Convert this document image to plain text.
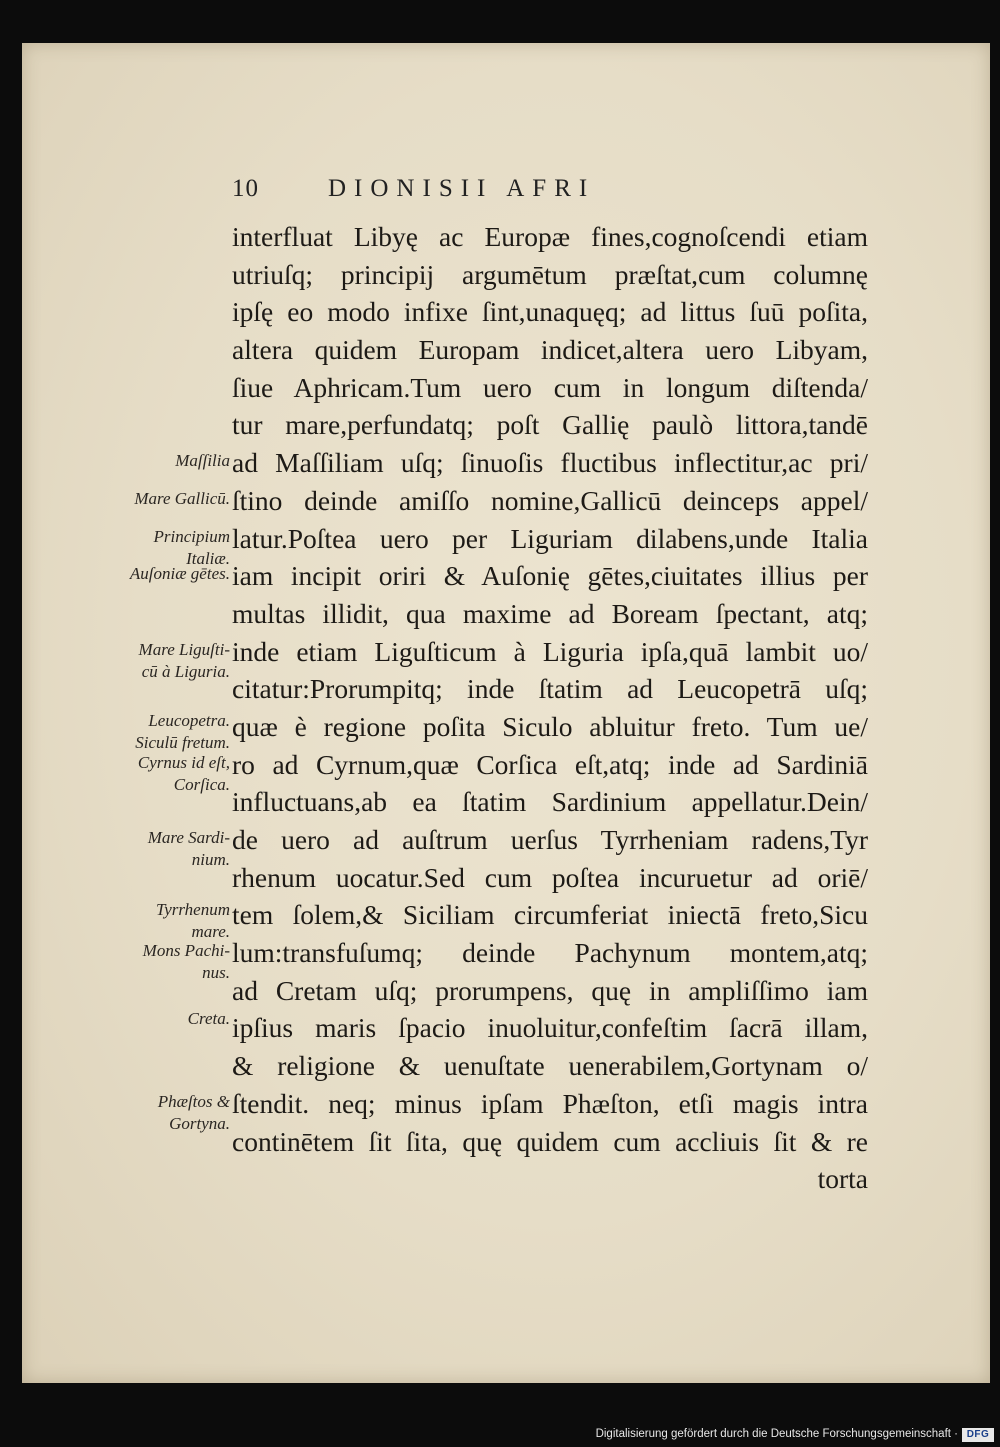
10	DIONISII AFRI
interfluat Libyę ac Europæ fines,cognoſcendi etiam
utriuſq; principij argumētum præſtat,cum columnę
ipſę eo modo infixe ſint,unaquęq; ad littus ſuū poſita,
altera quidem Europam indicet,altera uero Libyam,
ſiue Aphricam.Tum uero cum in longum diſtenda/
tur mare,perfundatq; poſt Gallię paulò littora,tandē
ad Maſſiliam uſq; ſinuoſis fluctibus inflectitur,ac pri/
ſtino deinde amiſſo nomine,Gallicū deinceps appel/
latur.Poſtea uero per Liguriam dilabens,unde Italia
iam incipit oriri & Auſonię gētes,ciuitates illius per
multas illidit, qua maxime ad Boream ſpectant, atq;
inde etiam Liguſticum à Liguria ipſa,quā lambit uo/
citatur:Prorumpitq; inde ſtatim ad Leucopetrā uſq;
quæ è regione poſita Siculo abluitur freto. Tum ue/
ro ad Cyrnum,quæ Corſica eſt,atq; inde ad Sardiniā
influctuans,ab ea ſtatim Sardinium appellatur.Dein/
de uero ad auſtrum uerſus Tyrrheniam radens,Tyr
rhenum uocatur.Sed cum poſtea incuruetur ad oriē/
tem ſolem,& Siciliam circumferiat iniectā freto,Sicu
lum:transfuſumq; deinde Pachynum montem,atq;
ad Cretam uſq; prorumpens, quę in ampliſſimo iam
ipſius maris ſpacio inuoluitur,confeſtim ſacrā illam,
& religione & uenuſtate uenerabilem,Gortynam o/
ſtendit. neq; minus ipſam Phæſton, etſi magis intra
continētem ſit ſita, quę quidem cum accliuis ſit & re
torta
Maſſilia
Mare Gallicū.
Principium
Italiæ.
Auſoniæ gētes.
Mare Liguſti-
cū à Liguria.
Leucopetra.
Siculū fretum.
Cyrnus id eſt,
Corſica.
Mare Sardi-
nium.
Tyrrhenum
mare.
Mons Pachi-
nus.
Creta.
Phæſtos &
Gortyna.
Digitalisierung gefördert durch die Deutsche Forschungsgemeinschaft · DFG
